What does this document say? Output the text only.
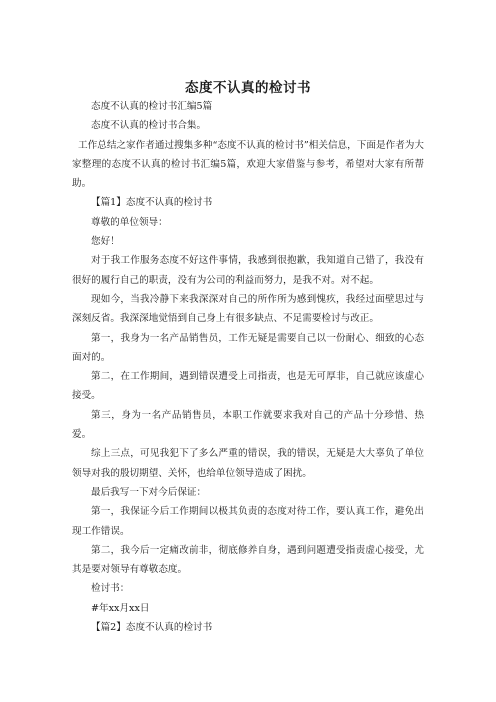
态度不认真的检讨书

态度不认真的检讨书汇编5篇

态度不认真的检讨书合集。

工作总结之家作者通过搜集多种“态度不认真的检讨书”相关信息，下面是作者为大家整理的态度不认真的检讨书汇编5篇，欢迎大家借鉴与参考，希望对大家有所帮助。

【篇1】态度不认真的检讨书

尊敬的单位领导：

您好！

对于我工作服务态度不好这件事情，我感到很抱歉，我知道自己错了，我没有很好的履行自己的职责，没有为公司的利益而努力，是我不对。对不起。

现如今，当我冷静下来我深深对自己的所作所为感到愧疚，我经过面壁思过与深刻反省。我深深地觉悟到自己身上有很多缺点、不足需要检讨与改正。

第一，我身为一名产品销售员，工作无疑是需要自己以一份耐心、细致的心态面对的。

第二，在工作期间，遇到错误遭受上司指责，也是无可厚非，自己就应该虚心接受。

第三，身为一名产品销售员，本职工作就要求我对自己的产品十分珍惜、热爱。

综上三点，可见我犯下了多么严重的错误，我的错误，无疑是大大辜负了单位领导对我的殷切期望、关怀，也给单位领导造成了困扰。

最后我写一下对今后保证：

第一，我保证今后工作期间以极其负责的态度对待工作，要认真工作，避免出现工作错误。

第二，我今后一定痛改前非，彻底修养自身，遇到问题遭受指责虚心接受，尤其是要对领导有尊敬态度。

检讨书：

#年xx月xx日

【篇2】态度不认真的检讨书
